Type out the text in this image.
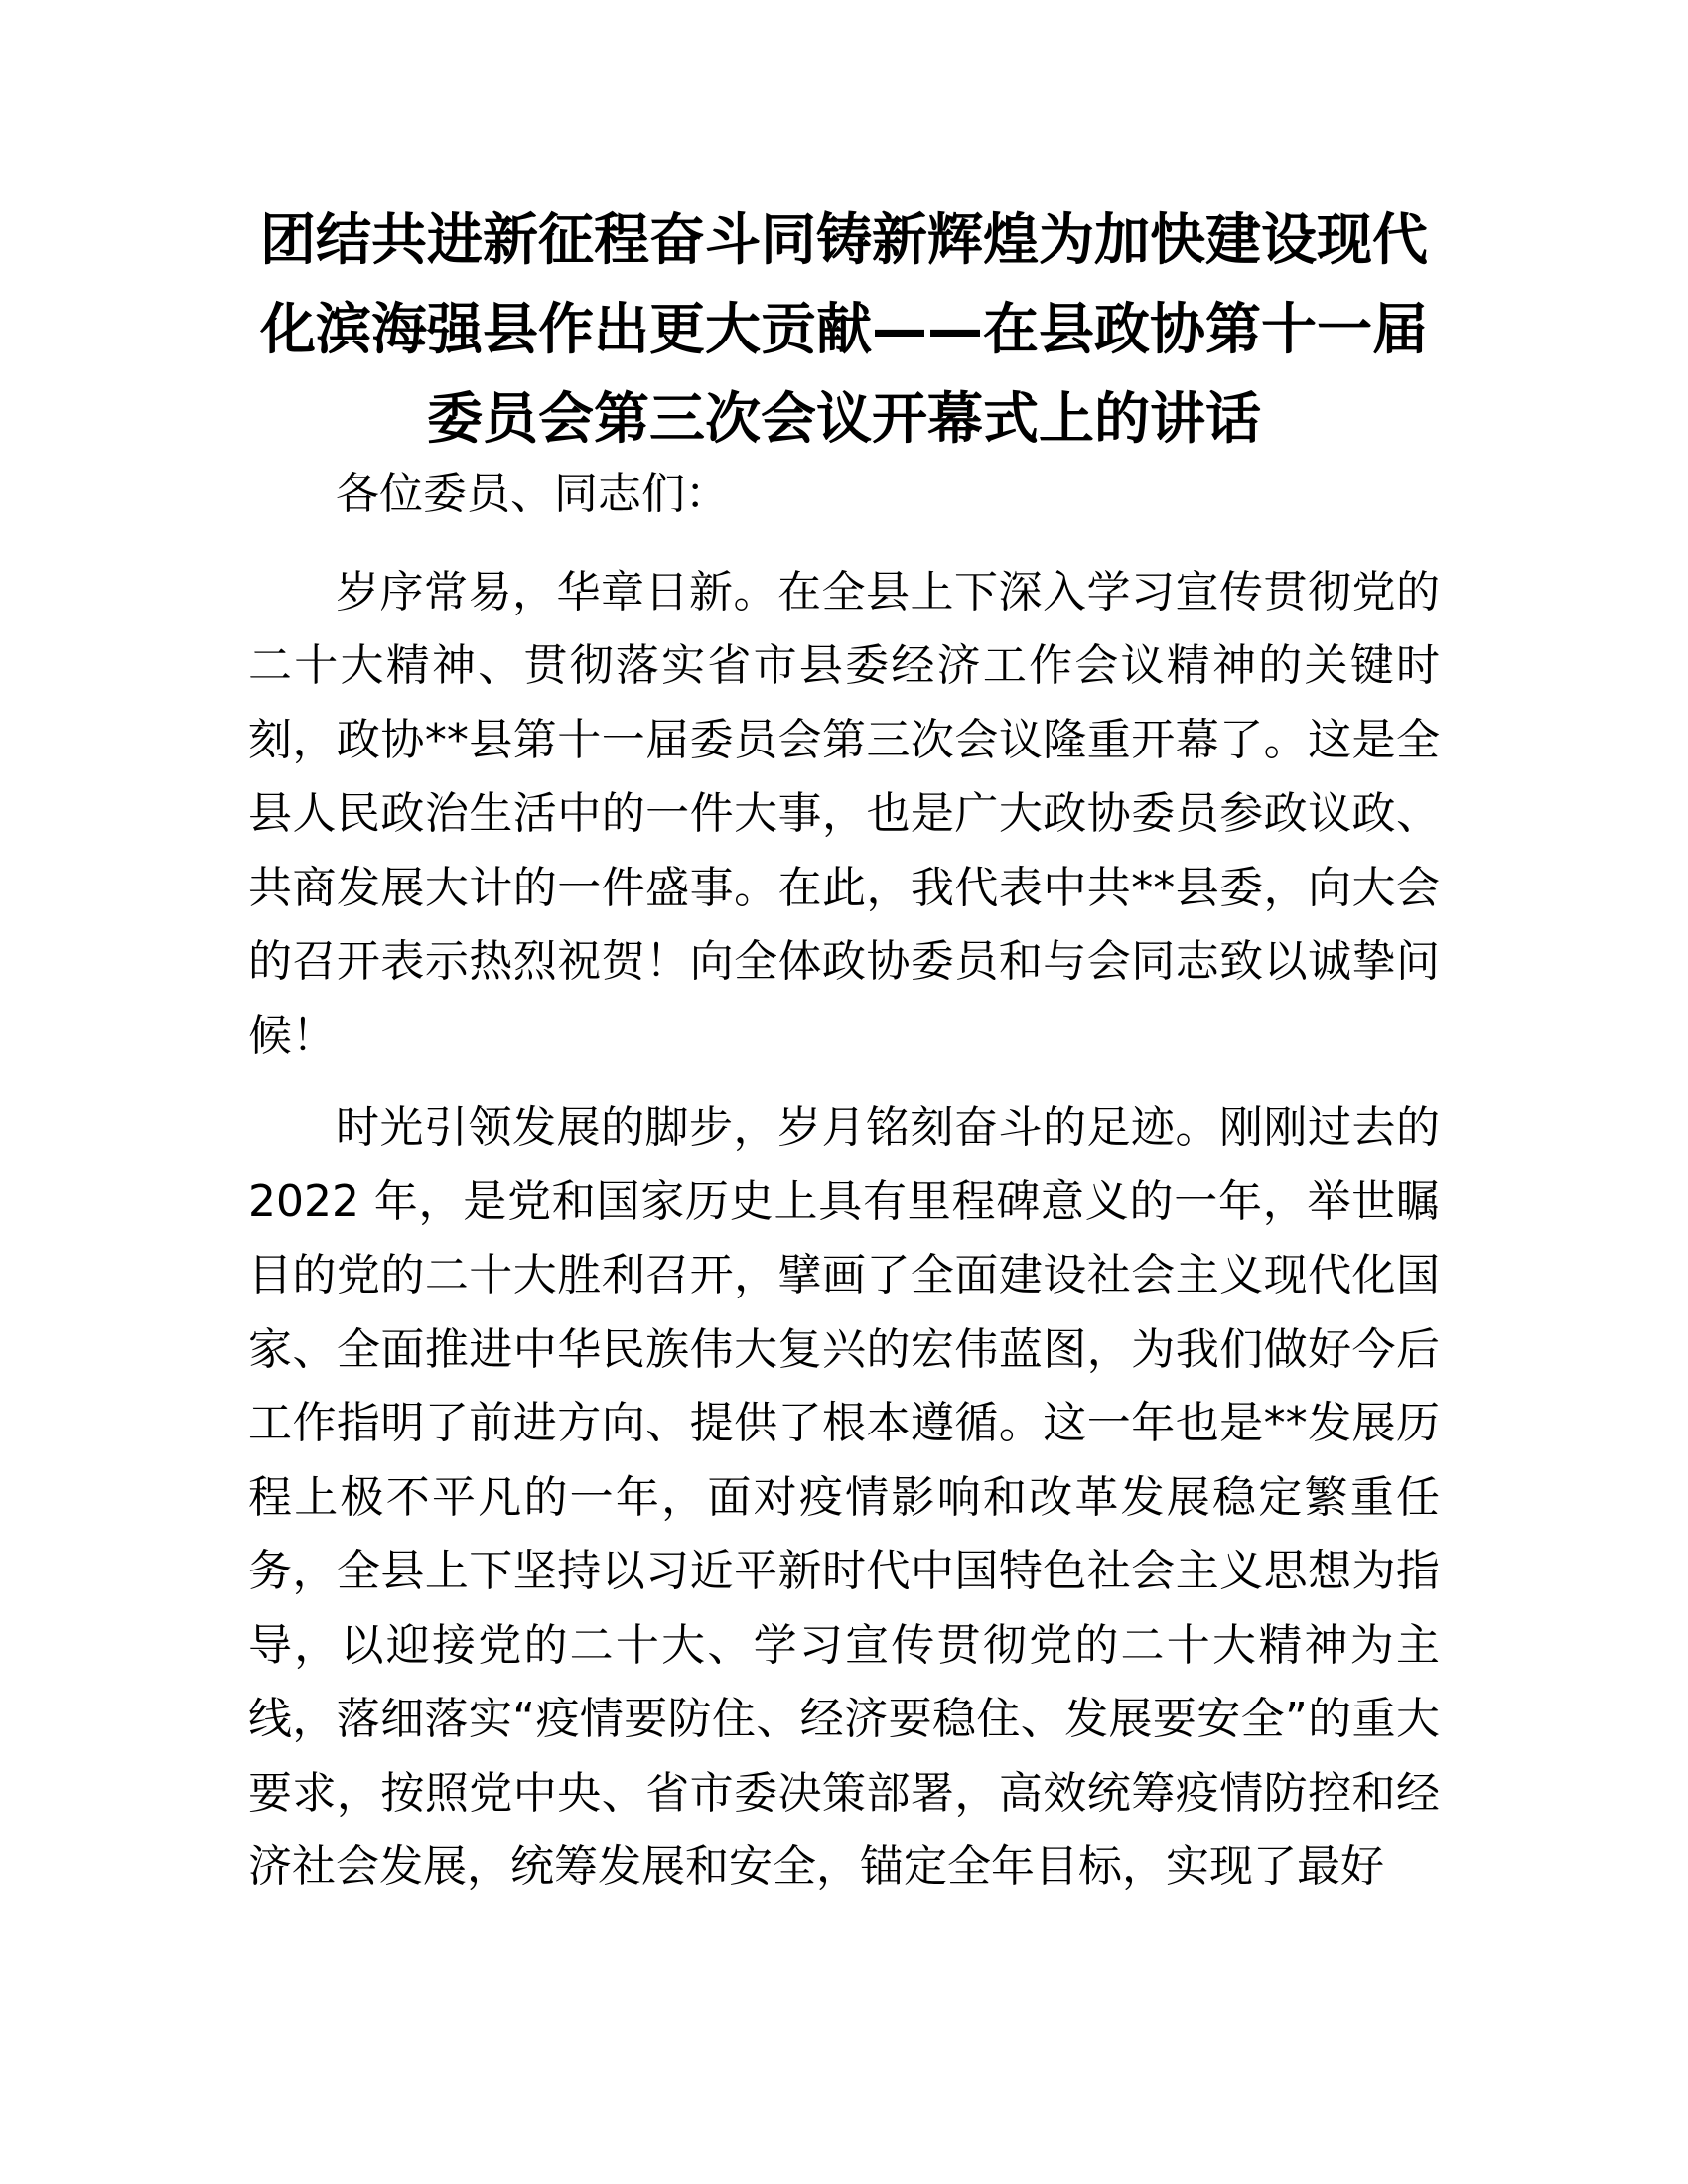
团结共进新征程奋斗同铸新辉煌为加快建设现代化滨海强县作出更大贡献——在县政协第十一届委员会第三次会议开幕式上的讲话

各位委员、同志们：

岁序常易，华章日新。在全县上下深入学习宣传贯彻党的二十大精神、贯彻落实省市县委经济工作会议精神的关键时刻，政协**县第十一届委员会第三次会议隆重开幕了。这是全县人民政治生活中的一件大事，也是广大政协委员参政议政、共商发展大计的一件盛事。在此，我代表中共**县委，向大会的召开表示热烈祝贺！向全体政协委员和与会同志致以诚挚问候！

时光引领发展的脚步，岁月铭刻奋斗的足迹。刚刚过去的 2022 年，是党和国家历史上具有里程碑意义的一年，举世瞩目的党的二十大胜利召开，擘画了全面建设社会主义现代化国家、全面推进中华民族伟大复兴的宏伟蓝图，为我们做好今后工作指明了前进方向、提供了根本遵循。这一年也是**发展历程上极不平凡的一年，面对疫情影响和改革发展稳定繁重任务，全县上下坚持以习近平新时代中国特色社会主义思想为指导，以迎接党的二十大、学习宣传贯彻党的二十大精神为主线，落细落实“疫情要防住、经济要稳住、发展要安全”的重大要求，按照党中央、省市委决策部署，高效统筹疫情防控和经济社会发展，统筹发展和安全，锚定全年目标，实现了最好
